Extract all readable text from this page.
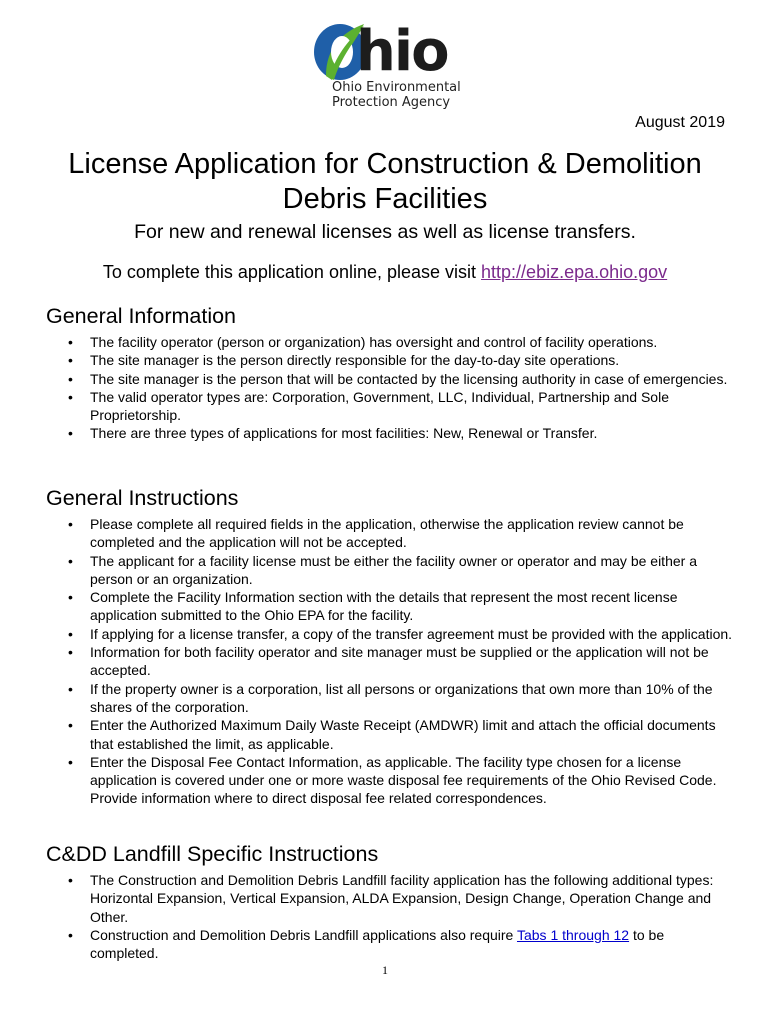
hio
Ohio Environmental
Protection Agency
August 2019
License Application for Construction & Demolition
Debris Facilities
For new and renewal licenses as well as license transfers.
To complete this application online, please visit http://ebiz.epa.ohio.gov
General Information
• The facility operator (person or organization) has oversight and control of facility operations.
• The site manager is the person directly responsible for the day-to-day site operations.
• The site manager is the person that will be contacted by the licensing authority in case of emergencies.
• The valid operator types are: Corporation, Government, LLC, Individual, Partnership and Sole Proprietorship.
• There are three types of applications for most facilities: New, Renewal or Transfer.
General Instructions
• Please complete all required fields in the application, otherwise the application review cannot be completed and the application will not be accepted.
• The applicant for a facility license must be either the facility owner or operator and may be either a person or an organization.
• Complete the Facility Information section with the details that represent the most recent license application submitted to the Ohio EPA for the facility.
• If applying for a license transfer, a copy of the transfer agreement must be provided with the application.
• Information for both facility operator and site manager must be supplied or the application will not be accepted.
• If the property owner is a corporation, list all persons or organizations that own more than 10% of the shares of the corporation.
• Enter the Authorized Maximum Daily Waste Receipt (AMDWR) limit and attach the official documents that established the limit, as applicable.
• Enter the Disposal Fee Contact Information, as applicable. The facility type chosen for a license application is covered under one or more waste disposal fee requirements of the Ohio Revised Code. Provide information where to direct disposal fee related correspondences.
C&DD Landfill Specific Instructions
• The Construction and Demolition Debris Landfill facility application has the following additional types: Horizontal Expansion, Vertical Expansion, ALDA Expansion, Design Change, Operation Change and Other.
• Construction and Demolition Debris Landfill applications also require Tabs 1 through 12 to be completed.
1
